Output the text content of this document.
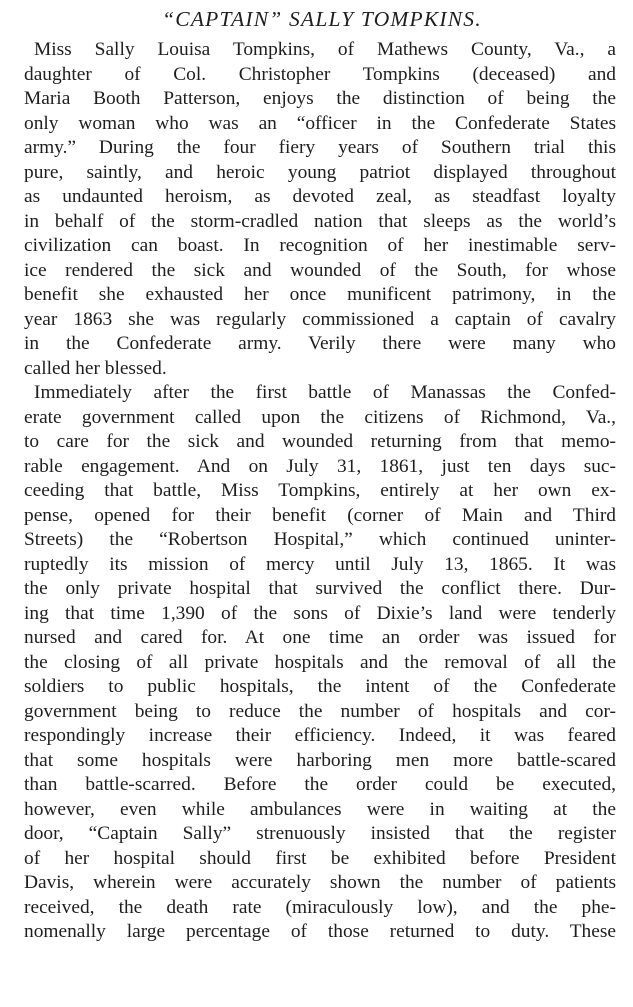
“CAPTAIN” SALLY TOMPKINS.
Miss Sally Louisa Tompkins, of Mathews County, Va., a
daughter of Col. Christopher Tompkins (deceased) and
Maria Booth Patterson, enjoys the distinction of being the
only woman who was an “officer in the Confederate States
army.” During the four fiery years of Southern trial this
pure, saintly, and heroic young patriot displayed throughout
as undaunted heroism, as devoted zeal, as steadfast loyalty
in behalf of the storm-cradled nation that sleeps as the world’s
civilization can boast. In recognition of her inestimable serv-
ice rendered the sick and wounded of the South, for whose
benefit she exhausted her once munificent patrimony, in the
year 1863 she was regularly commissioned a captain of cavalry
in the Confederate army. Verily there were many who
called her blessed.
Immediately after the first battle of Manassas the Confed-
erate government called upon the citizens of Richmond, Va.,
to care for the sick and wounded returning from that memo-
rable engagement. And on July 31, 1861, just ten days suc-
ceeding that battle, Miss Tompkins, entirely at her own ex-
pense, opened for their benefit (corner of Main and Third
Streets) the “Robertson Hospital,” which continued uninter-
ruptedly its mission of mercy until July 13, 1865. It was
the only private hospital that survived the conflict there. Dur-
ing that time 1,390 of the sons of Dixie’s land were tenderly
nursed and cared for. At one time an order was issued for
the closing of all private hospitals and the removal of all the
soldiers to public hospitals, the intent of the Confederate
government being to reduce the number of hospitals and cor-
respondingly increase their efficiency. Indeed, it was feared
that some hospitals were harboring men more battle-scared
than battle-scarred. Before the order could be executed,
however, even while ambulances were in waiting at the
door, “Captain Sally” strenuously insisted that the register
of her hospital should first be exhibited before President
Davis, wherein were accurately shown the number of patients
received, the death rate (miraculously low), and the phe-
nomenally large percentage of those returned to duty. These
